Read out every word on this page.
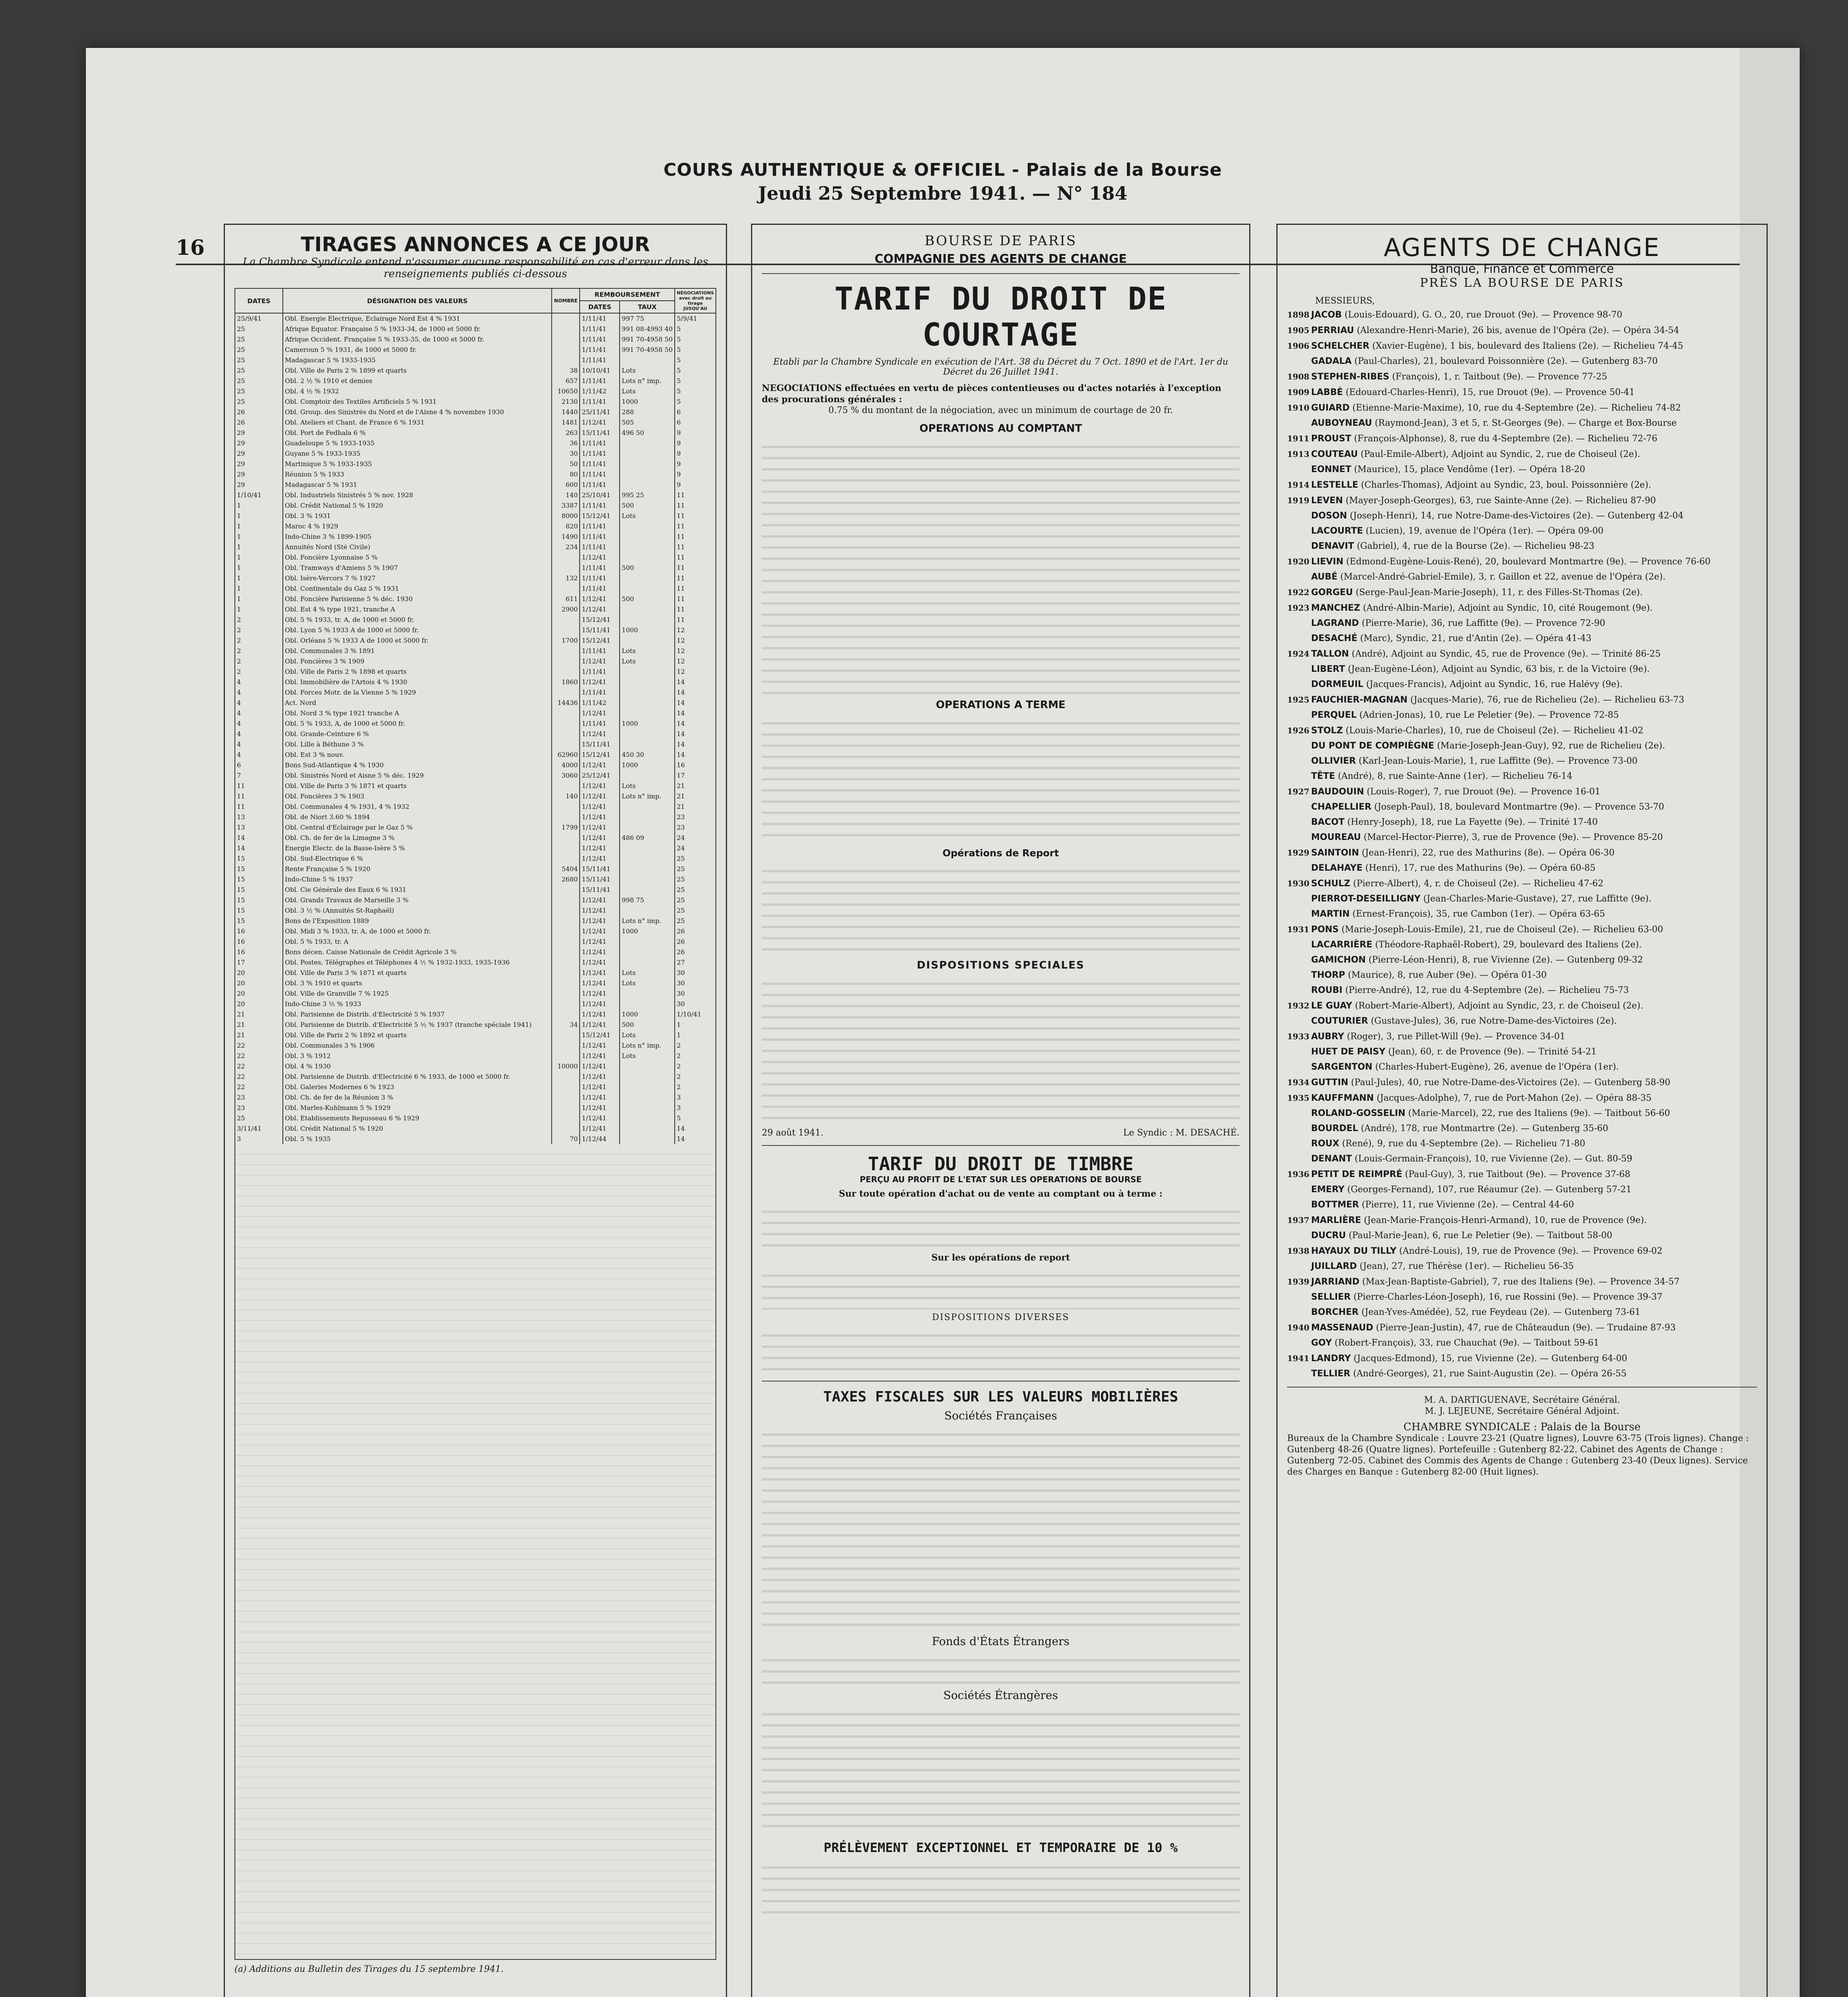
COURS AUTHENTIQUE & OFFICIEL - Palais de la Bourse
Jeudi 25 Septembre 1941. — N° 184
16	TIRAGES ANNONCES A CE JOUR
La Chambre Syndicale entend n'assumer aucune responsabilité en cas d'erreur dans les renseignements publiés ci-dessous
DATES	DÉSIGNATION DES VALEURS	NOMBRE	REMBOURSEMENT		NÉGOCIATIONS avec droit au tirage JUSQU'AU
			DATES	TAUX	
25/9/41	Obl. Energie Electrique, Eclairage Nord Est 4 % 1931		1/11/41	997 75	5/9/41
25	Afrique Equator. Française 5 % 1933-34, de 1000 et 5000 fr.		1/11/41	991 08-4993 40	5
25	Afrique Occident. Française 5 % 1933-35, de 1000 et 5000 fr.		1/11/41	991 70-4958 50	5
25	Cameroun 5 % 1931, de 1000 et 5000 fr.		1/11/41	991 70-4958 50	5
25	Madagascar 5 % 1933-1935		1/11/41		5
25	Obl. Ville de Paris 2 % 1899 et quarts	38	10/10/41	Lots	5
25	Obl. 2 ½ % 1910 et demies	657	1/11/41	Lots n° imp.	5
25	Obl. 4 ½ % 1932	10650	1/11/42	Lots	5
25	Obl. Comptoir des Textiles Artificiels 5 % 1931	2130	1/11/41	1000	5
26	Obl. Group. des Sinistrés du Nord et de l'Aisne 4 % novembre 1930	1440	25/11/41	288	6
26	Obl. Ateliers et Chant. de France 6 % 1931	1481	1/12/41	505	6
29	Obl. Port de Fedhala 6 %	263	15/11/41	496 50	9
29	Guadeloupe 5 % 1933-1935	36	1/11/41		9
29	Guyane 5 % 1933-1935	30	1/11/41		9
29	Martinique 5 % 1933-1935	50	1/11/41		9
29	Réunion 5 % 1933	80	1/11/41		9
29	Madagascar 5 % 1931	600	1/11/41		9
1/10/41	Obl. Industriels Sinistrés 5 % nov. 1928	140	25/10/41	995 25	11
1	Obl. Crédit National 5 % 1920	3387	1/11/41	500	11
1	Obl. 3 % 1931	8000	15/12/41	Lots	11
1	Maroc 4 % 1929	820	1/11/41		11
1	Indo-Chine 3 % 1899-1905	1490	1/11/41		11
1	Annuités Nord (Sté Civile)	234	1/11/41		11
1	Obl. Foncière Lyonnaise 5 %		1/12/41		11
1	Obl. Tramways d'Amiens 5 % 1907		1/11/41	500	11
1	Obl. Isère-Vercors 7 % 1927	132	1/11/41		11
1	Obl. Continentale du Gaz 5 % 1931		1/11/41		11
1	Obl. Foncière Parisienne 5 % déc. 1930	611	1/12/41	500	11
1	Obl. Est 4 % type 1921, tranche A	2900	1/12/41		11
2	Obl. 5 % 1933, tr. A, de 1000 et 5000 fr.		15/12/41		11
2	Obl. Lyon 5 % 1933 A de 1000 et 5000 fr.		15/11/41	1000	12
2	Obl. Orléans 5 % 1933 A de 1000 et 5000 fr.	1700	15/12/41		12
2	Obl. Communales 3 % 1891		1/11/41	Lots	12
2	Obl. Foncières 3 % 1909		1/12/41	Lots	12
2	Obl. Ville de Paris 2 % 1898 et quarts		1/11/41		12
4	Obl. Immobilière de l'Artois 4 % 1930	1860	1/12/41		14
4	Obl. Forces Motr. de la Vienne 5 % 1929		1/11/41		14
4	Act. Nord	14436	1/11/42		14
4	Obl. Nord 3 % type 1921 tranche A		1/12/41		14
4	Obl. 5 % 1933, A, de 1000 et 5000 fr.		1/11/41	1000	14
4	Obl. Grande-Ceinture 6 %		1/12/41		14
4	Obl. Lille à Béthune 3 %		15/11/41		14
4	Obl. Est 3 % nouv.	62960	15/12/41	450 30	14
6	Bons Sud-Atlantique 4 % 1930	4000	1/12/41	1000	16
7	Obl. Sinistrés Nord et Aisne 5 % déc. 1929	3060	25/12/41		17
11	Obl. Ville de Paris 3 % 1871 et quarts		1/12/41	Lots	21
11	Obl. Foncières 3 % 1903	140	1/12/41	Lots n° imp.	21
11	Obl. Communales 4 % 1931, 4 % 1932		1/12/41		21
13	Obl. de Niort 3.60 % 1894		1/12/41		23
13	Obl. Central d'Eclairage par le Gaz 5 %	1799	1/12/41		23
14	Obl. Ch. de fer de la Limagne 3 %		1/12/41	486 09	24
14	Energie Electr. de la Basse-Isère 5 %		1/12/41		24
15	Obl. Sud-Electrique 6 %		1/12/41		25
15	Rente Française 5 % 1920	5404	15/11/41		25
15	Indo-Chine 5 % 1937	2680	15/11/41		25
15	Obl. Cie Générale des Eaux 6 % 1931		15/11/41		25
15	Obl. Grands Travaux de Marseille 3 %		1/12/41	998 75	25
15	Obl. 3 ½ % (Annuités St-Raphaël)		1/12/41		25
15	Bons de l'Exposition 1889		1/12/41	Lots n° imp.	25
16	Obl. Midi 3 % 1933, tr. A, de 1000 et 5000 fr.		1/12/41	1000	26
16	Obl. 5 % 1933, tr. A		1/12/41		26
16	Bons décen. Caisse Nationale de Crédit Agricole 3 %		1/12/41		26
17	Obl. Postes, Télégraphes et Téléphones 4 ½ % 1932-1933, 1935-1936		1/12/41		27
20	Obl. Ville de Paris 3 % 1871 et quarts		1/12/41	Lots	30
20	Obl. 3 % 1910 et quarts		1/12/41	Lots	30
20	Obl. Ville de Granville 7 % 1925		1/12/41		30
20	Indo-Chine 3 ½ % 1933		1/12/41		30
21	Obl. Parisienne de Distrib. d'Electricité 5 % 1937		1/12/41	1000	1/10/41
21	Obl. Parisienne de Distrib. d'Electricité 5 ½ % 1937 (tranche spéciale 1941)	34	1/12/41	500	1
21	Obl. Ville de Paris 2 % 1892 et quarts		15/12/41	Lots	1
22	Obl. Communales 3 % 1906		1/12/41	Lots n° imp.	2
22	Obl. 3 % 1912		1/12/41	Lots	2
22	Obl. 4 % 1930	10000	1/12/41		2
22	Obl. Parisienne de Distrib. d'Electricité 6 % 1933, de 1000 et 5000 fr.		1/12/41		2
22	Obl. Galeries Modernes 6 % 1923		1/12/41		2
23	Obl. Ch. de fer de la Réunion 3 %		1/12/41		3
23	Obl. Marles-Kuhlmann 5 % 1929		1/12/41		3
25	Obl. Etablissements Repusseau 6 % 1929		1/12/41		5
3/11/41	Obl. Crédit National 5 % 1920		1/12/41		14
3	Obl. 5 % 1935	70	1/12/44		14
(a) Additions au Bulletin des Tirages du 15 septembre 1941.
BOURSE DE PARIS
COMPAGNIE DES AGENTS DE CHANGE
TARIF DU DROIT DE COURTAGE
Etabli par la Chambre Syndicale en exécution de l'Art. 38 du Décret du 7 Oct. 1890 et de l'Art. 1er du Décret du 26 Juillet 1941.
NEGOCIATIONS effectuées en vertu de pièces contentieuses ou d'actes notariés à l'exception des procurations générales :
0.75 % du montant de la négociation, avec un minimum de courtage de 20 fr.
OPERATIONS AU COMPTANT
OPERATIONS A TERME
Opérations de Report
DISPOSITIONS SPECIALES
29 août 1941.	Le Syndic : M. DESACHÉ.
TARIF DU DROIT DE TIMBRE
PERÇU AU PROFIT DE L'ETAT SUR LES OPERATIONS DE BOURSE
Sur toute opération d'achat ou de vente au comptant ou à terme :
Sur les opérations de report
DISPOSITIONS DIVERSES
TAXES FISCALES SUR LES VALEURS MOBILIÈRES
Sociétés Françaises
Fonds d'États Étrangers
Sociétés Étrangères
PRÉLÈVEMENT EXCEPTIONNEL ET TEMPORAIRE DE 10 %
AGENTS DE CHANGE
Banque, Finance et Commerce
PRÈS LA BOURSE DE PARIS
MESSIEURS,
1898 JACOB (Louis-Edouard), G. O., 20, rue Drouot (9e). — Provence 98-70
1905 PERRIAU (Alexandre-Henri-Marie), 26 bis, avenue de l'Opéra (2e). — Opéra 34-54
1906 SCHELCHER (Xavier-Eugène), 1 bis, boulevard des Italiens (2e). — Richelieu 74-45
GADALA (Paul-Charles), 21, boulevard Poissonnière (2e). — Gutenberg 83-70
1908 STEPHEN-RIBES (François), 1, r. Taitbout (9e). — Provence 77-25
1909 LABBÉ (Edouard-Charles-Henri), 15, rue Drouot (9e). — Provence 50-41
1910 GUIARD (Etienne-Marie-Maxime), 10, rue du 4-Septembre (2e). — Richelieu 74-82
AUBOYNEAU (Raymond-Jean), 3 et 5, r. St-Georges (9e). — Charge et Box-Bourse
1911 PROUST (François-Alphonse), 8, rue du 4-Septembre (2e). — Richelieu 72-76
1913 COUTEAU (Paul-Emile-Albert), Adjoint au Syndic, 2, rue de Choiseul (2e).
EONNET (Maurice), 15, place Vendôme (1er). — Opéra 18-20
1914 LESTELLE (Charles-Thomas), Adjoint au Syndic, 23, boul. Poissonnière (2e).
1919 LEVEN (Mayer-Joseph-Georges), 63, rue Sainte-Anne (2e). — Richelieu 87-90
DOSON (Joseph-Henri), 14, rue Notre-Dame-des-Victoires (2e). — Gutenberg 42-04
LACOURTE (Lucien), 19, avenue de l'Opéra (1er). — Opéra 09-00
DENAVIT (Gabriel), 4, rue de la Bourse (2e). — Richelieu 98-23
1920 LIEVIN (Edmond-Eugène-Louis-René), 20, boulevard Montmartre (9e). — Provence 76-60
AUBÉ (Marcel-André-Gabriel-Emile), 3, r. Gaillon et 22, avenue de l'Opéra (2e).
1922 GORGEU (Serge-Paul-Jean-Marie-Joseph), 11, r. des Filles-St-Thomas (2e).
1923 MANCHEZ (André-Albin-Marie), Adjoint au Syndic, 10, cité Rougemont (9e).
LAGRAND (Pierre-Marie), 36, rue Laffitte (9e). — Provence 72-90
DESACHÉ (Marc), Syndic, 21, rue d'Antin (2e). — Opéra 41-43
1924 TALLON (André), Adjoint au Syndic, 45, rue de Provence (9e). — Trinité 86-25
LIBERT (Jean-Eugène-Léon), Adjoint au Syndic, 63 bis, r. de la Victoire (9e).
DORMEUIL (Jacques-Francis), Adjoint au Syndic, 16, rue Halévy (9e).
1925 FAUCHIER-MAGNAN (Jacques-Marie), 76, rue de Richelieu (2e). — Richelieu 63-73
PERQUEL (Adrien-Jonas), 10, rue Le Peletier (9e). — Provence 72-85
1926 STOLZ (Louis-Marie-Charles), 10, rue de Choiseul (2e). — Richelieu 41-02
DU PONT DE COMPIÈGNE (Marie-Joseph-Jean-Guy), 92, rue de Richelieu (2e).
OLLIVIER (Karl-Jean-Louis-Marie), 1, rue Laffitte (9e). — Provence 73-00
TÊTE (André), 8, rue Sainte-Anne (1er). — Richelieu 76-14
1927 BAUDOUIN (Louis-Roger), 7, rue Drouot (9e). — Provence 16-01
CHAPELLIER (Joseph-Paul), 18, boulevard Montmartre (9e). — Provence 53-70
BACOT (Henry-Joseph), 18, rue La Fayette (9e). — Trinité 17-40
MOUREAU (Marcel-Hector-Pierre), 3, rue de Provence (9e). — Provence 85-20
1929 SAINTOIN (Jean-Henri), 22, rue des Mathurins (8e). — Opéra 06-30
DELAHAYE (Henri), 17, rue des Mathurins (9e). — Opéra 60-85
1930 SCHULZ (Pierre-Albert), 4, r. de Choiseul (2e). — Richelieu 47-62
PIERROT-DESEILLIGNY (Jean-Charles-Marie-Gustave), 27, rue Laffitte (9e).
MARTIN (Ernest-François), 35, rue Cambon (1er). — Opéra 63-65
1931 PONS (Marie-Joseph-Louis-Emile), 21, rue de Choiseul (2e). — Richelieu 63-00
LACARRIÈRE (Théodore-Raphaël-Robert), 29, boulevard des Italiens (2e).
GAMICHON (Pierre-Léon-Henri), 8, rue Vivienne (2e). — Gutenberg 09-32
THORP (Maurice), 8, rue Auber (9e). — Opéra 01-30
ROUBI (Pierre-André), 12, rue du 4-Septembre (2e). — Richelieu 75-73
1932 LE GUAY (Robert-Marie-Albert), Adjoint au Syndic, 23, r. de Choiseul (2e).
COUTURIER (Gustave-Jules), 36, rue Notre-Dame-des-Victoires (2e).
1933 AUBRY (Roger), 3, rue Pillet-Will (9e). — Provence 34-01
HUET DE PAISY (Jean), 60, r. de Provence (9e). — Trinité 54-21
SARGENTON (Charles-Hubert-Eugène), 26, avenue de l'Opéra (1er).
1934 GUTTIN (Paul-Jules), 40, rue Notre-Dame-des-Victoires (2e). — Gutenberg 58-90
1935 KAUFFMANN (Jacques-Adolphe), 7, rue de Port-Mahon (2e). — Opéra 88-35
ROLAND-GOSSELIN (Marie-Marcel), 22, rue des Italiens (9e). — Taitbout 56-60
BOURDEL (André), 178, rue Montmartre (2e). — Gutenberg 35-60
ROUX (René), 9, rue du 4-Septembre (2e). — Richelieu 71-80
DENANT (Louis-Germain-François), 10, rue Vivienne (2e). — Gut. 80-59
1936 PETIT DE REIMPRÉ (Paul-Guy), 3, rue Taitbout (9e). — Provence 37-68
EMERY (Georges-Fernand), 107, rue Réaumur (2e). — Gutenberg 57-21
BOTTMER (Pierre), 11, rue Vivienne (2e). — Central 44-60
1937 MARLIÈRE (Jean-Marie-François-Henri-Armand), 10, rue de Provence (9e).
DUCRU (Paul-Marie-Jean), 6, rue Le Peletier (9e). — Taitbout 58-00
1938 HAYAUX DU TILLY (André-Louis), 19, rue de Provence (9e). — Provence 69-02
JUILLARD (Jean), 27, rue Thérèse (1er). — Richelieu 56-35
1939 JARRIAND (Max-Jean-Baptiste-Gabriel), 7, rue des Italiens (9e). — Provence 34-57
SELLIER (Pierre-Charles-Léon-Joseph), 16, rue Rossini (9e). — Provence 39-37
BORCHER (Jean-Yves-Amédée), 52, rue Feydeau (2e). — Gutenberg 73-61
1940 MASSENAUD (Pierre-Jean-Justin), 47, rue de Châteaudun (9e). — Trudaine 87-93
GOY (Robert-François), 33, rue Chauchat (9e). — Taitbout 59-61
1941 LANDRY (Jacques-Edmond), 15, rue Vivienne (2e). — Gutenberg 64-00
TELLIER (André-Georges), 21, rue Saint-Augustin (2e). — Opéra 26-55
M. A. DARTIGUENAVE, Secrétaire Général.
M. J. LEJEUNE, Secrétaire Général Adjoint.
CHAMBRE SYNDICALE : Palais de la Bourse
Bureaux de la Chambre Syndicale : Louvre 23-21 (Quatre lignes), Louvre 63-75 (Trois lignes). Change : Gutenberg 48-26 (Quatre lignes). Portefeuille : Gutenberg 82-22. Cabinet des Agents de Change : Gutenberg 72-05. Cabinet des Commis des Agents de Change : Gutenberg 23-40 (Deux lignes). Service des Charges en Banque : Gutenberg 82-00 (Huit lignes).
